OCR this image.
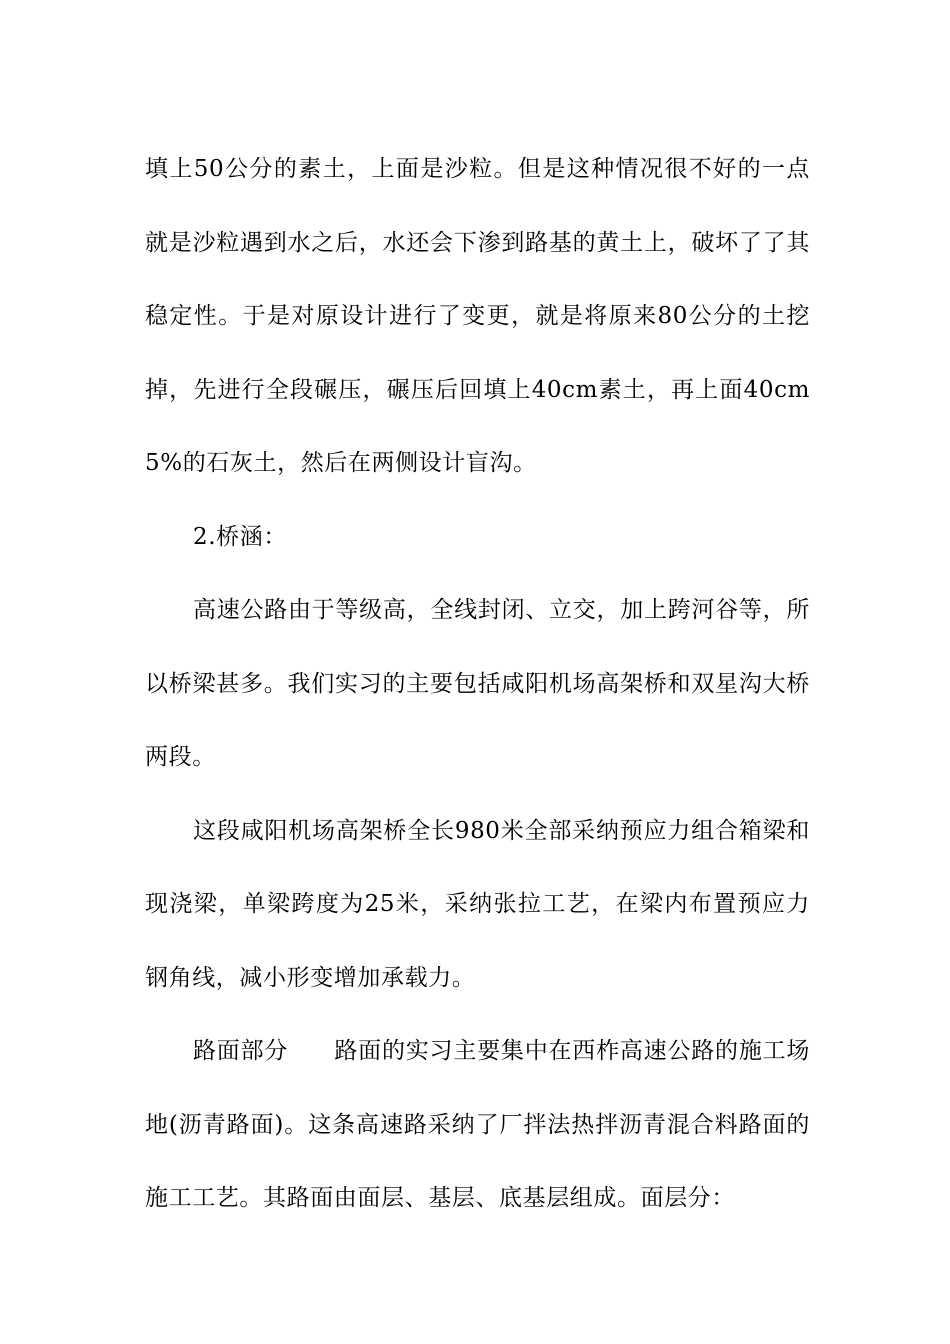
填上50公分的素土，上面是沙粒。但是这种情况很不好的一点就是沙粒遇到水之后，水还会下渗到路基的黄土上，破坏了了其稳定性。于是对原设计进行了变更，就是将原来80公分的土挖掉，先进行全段碾压，碾压后回填上40cm素土，再上面40cm 5%的石灰土，然后在两侧设计盲沟。

2.桥涵：

高速公路由于等级高，全线封闭、立交，加上跨河谷等，所以桥梁甚多。我们实习的主要包括咸阳机场高架桥和双星沟大桥两段。

这段咸阳机场高架桥全长980米全部采纳预应力组合箱梁和现浇梁，单梁跨度为25米，采纳张拉工艺，在梁内布置预应力钢角线，减小形变增加承载力。

路面部分 路面的实习主要集中在西柞高速公路的施工场地(沥青路面)。这条高速路采纳了厂拌法热拌沥青混合料路面的施工工艺。其路面由面层、基层、底基层组成。面层分：
